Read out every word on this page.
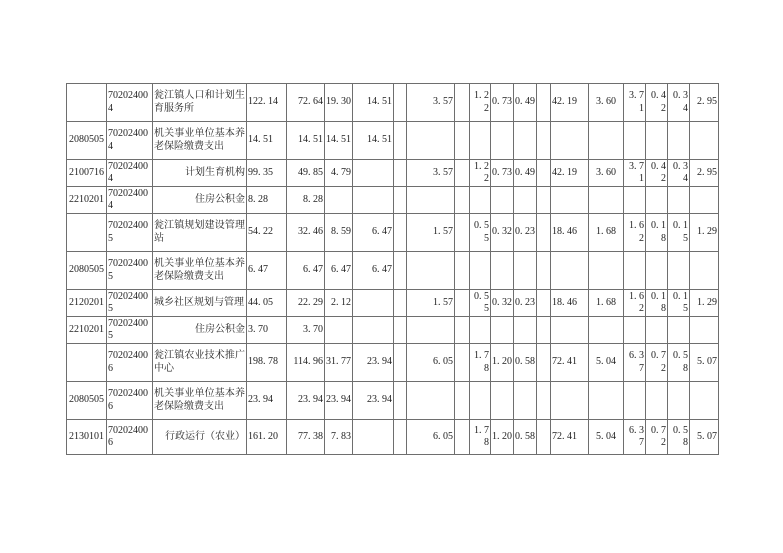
	702024004	瓮江镇人口和计划生育服务所	122. 14	72. 64	19. 30	14. 51		3. 57		1. 22	0. 73	0. 49		42. 19	3. 60	3. 71	0. 42	0. 34	2. 95
2080505	702024004	机关事业单位基本养老保险缴费支出	14. 51	14. 51	14. 51	14. 51													
2100716	702024004	计划生育机构	99. 35	49. 85	4. 79			3. 57		1. 22	0. 73	0. 49		42. 19	3. 60	3. 71	0. 42	0. 34	2. 95
2210201	702024004	住房公积金	8. 28	8. 28															
	702024005	瓮江镇规划建设管理站	54. 22	32. 46	8. 59	6. 47		1. 57		0. 55	0. 32	0. 23		18. 46	1. 68	1. 62	0. 18	0. 15	1. 29
2080505	702024005	机关事业单位基本养老保险缴费支出	6. 47	6. 47	6. 47	6. 47													
2120201	702024005	城乡社区规划与管理	44. 05	22. 29	2. 12			1. 57		0. 55	0. 32	0. 23		18. 46	1. 68	1. 62	0. 18	0. 15	1. 29
2210201	702024005	住房公积金	3. 70	3. 70															
	702024006	瓮江镇农业技术推广中心	198. 78	114. 96	31. 77	23. 94		6. 05		1. 78	1. 20	0. 58		72. 41	5. 04	6. 37	0. 72	0. 58	5. 07
2080505	702024006	机关事业单位基本养老保险缴费支出	23. 94	23. 94	23. 94	23. 94													
2130101	702024006	行政运行（农业）	161. 20	77. 38	7. 83			6. 05		1. 78	1. 20	0. 58		72. 41	5. 04	6. 37	0. 72	0. 58	5. 07
